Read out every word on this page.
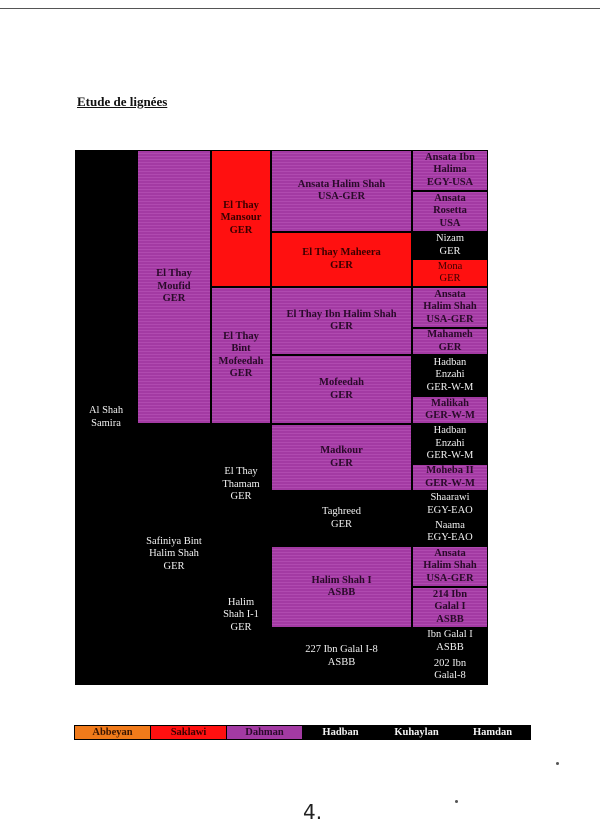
Etude de lignées
Al Shah
Samira
El Thay
Moufid
GER
Safiniya Bint
Halim Shah
GER
El Thay
Mansour
GER
El Thay
Bint
Mofeedah
GER
El Thay
Thamam
GER
Halim
Shah I-1
GER
Ansata Halim Shah
USA-GER
El Thay Maheera
GER
El Thay Ibn Halim Shah
GER
Mofeedah
GER
Madkour
GER
Taghreed
GER
Halim Shah I
ASBB
227 Ibn Galal I-8
ASBB
Ansata Ibn
Halima
EGY-USA
Ansata
Rosetta
USA
Nizam
GER
Mona
GER
Ansata
Halim Shah
USA-GER
Mahameh
GER
Hadban
Enzahi
GER-W-M
Malikah
GER-W-M
Hadban
Enzahi
GER-W-M
Moheba II
GER-W-M
Shaarawi
EGY-EAO
Naama
EGY-EAO
Ansata
Halim Shah
USA-GER
214 Ibn
Galal I
ASBB
Ibn Galal I
ASBB
202 Ibn
Galal-8
Abbeyan	Saklawi	Dahman	Hadban	Kuhaylan	Hamdan
4.
